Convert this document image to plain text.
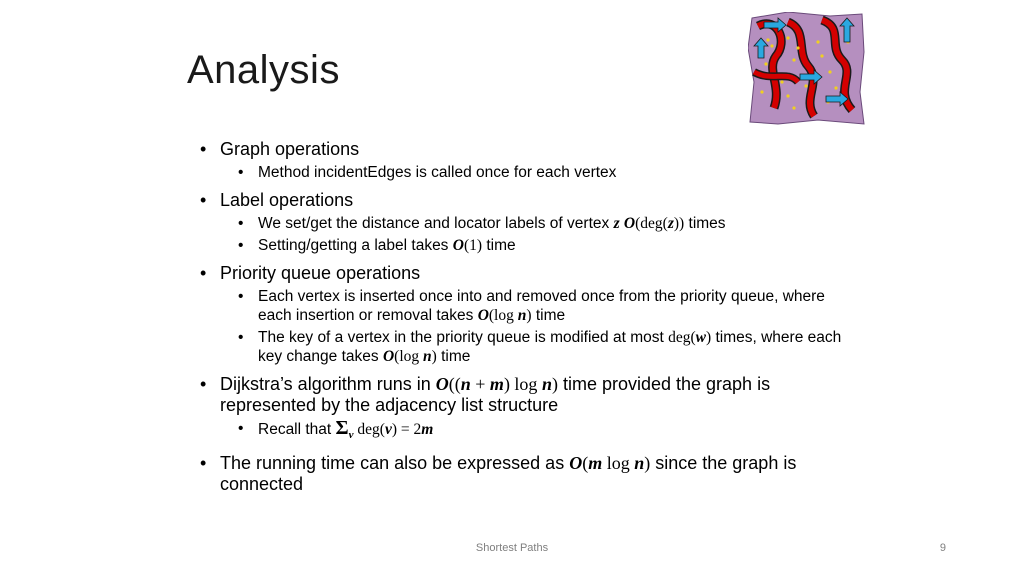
Analysis
• Graph operations
• Method incidentEdges is called once for each vertex
• Label operations
• We set/get the distance and locator labels of vertex z O(deg(z)) times
• Setting/getting a label takes O(1) time
• Priority queue operations
• Each vertex is inserted once into and removed once from the priority queue, where each insertion or removal takes O(log n) time
• The key of a vertex in the priority queue is modified at most deg(w) times, where each key change takes O(log n) time
• Dijkstra’s algorithm runs in O((n + m) log n) time provided the graph is represented by the adjacency list structure
• Recall that $\Sigma_v$ deg(v) = 2m
• The running time can also be expressed as O(m log n) since the graph is connected
Shortest Paths	9
